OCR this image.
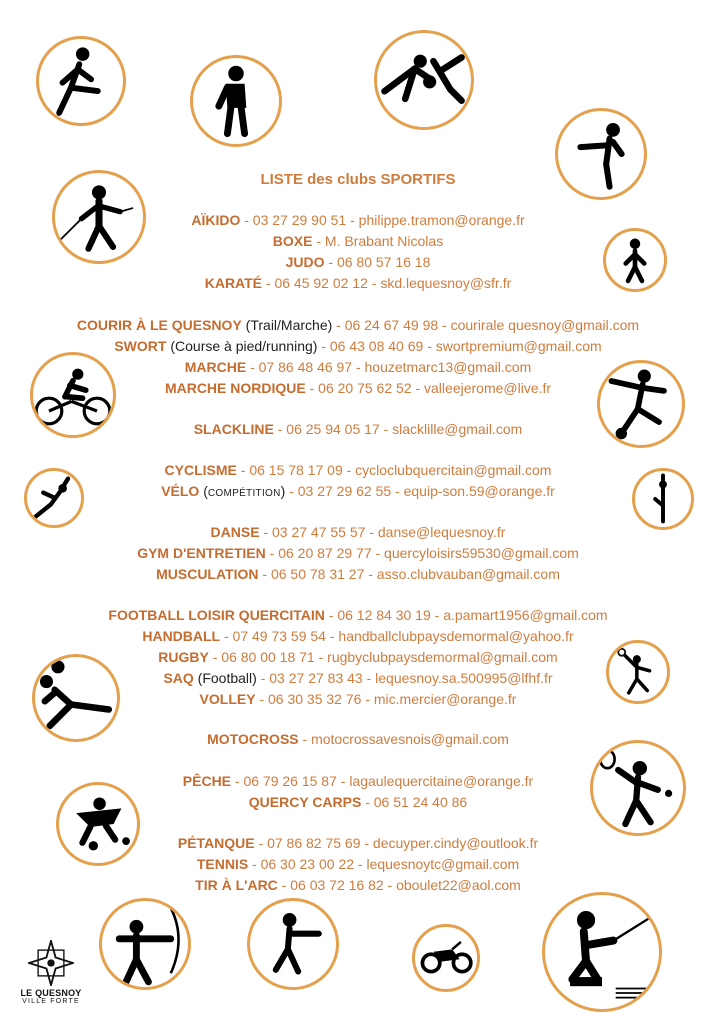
LISTE des clubs SPORTIFS
AÏKIDO - 03 27 29 90 51 - philippe.tramon@orange.fr
BOXE - M. Brabant Nicolas
JUDO - 06 80 57 16 18
KARATÉ - 06 45 92 02 12 - skd.lequesnoy@sfr.fr
COURIR À LE QUESNOY (Trail/Marche) - 06 24 67 49 98 - courirale quesnoy@gmail.com
SWORT (Course à pied/running) - 06 43 08 40 69 - swortpremium@gmail.com
MARCHE - 07 86 48 46 97 - houzetmarc13@gmail.com
MARCHE NORDIQUE - 06 20 75 62 52 - valleejerome@live.fr
SLACKLINE - 06 25 94 05 17 - slacklille@gmail.com
CYCLISME - 06 15 78 17 09 - cycloclubquercitain@gmail.com
VÉLO (COMPÉTITION) - 03 27 29 62 55 - equip-son.59@orange.fr
DANSE - 03 27 47 55 57 - danse@lequesnoy.fr
GYM D'ENTRETIEN - 06 20 87 29 77 - quercyloisirs59530@gmail.com
MUSCULATION - 06 50 78 31 27 - asso.clubvauban@gmail.com
FOOTBALL LOISIR QUERCITAIN - 06 12 84 30 19 - a.pamart1956@gmail.com
HANDBALL - 07 49 73 59 54 - handballclubpaysdemormal@yahoo.fr
RUGBY - 06 80 00 18 71 - rugbyclubpaysdemormal@gmail.com
SAQ (Football) - 03 27 27 83 43 - lequesnoy.sa.500995@lfhf.fr
VOLLEY - 06 30 35 32 76 - mic.mercier@orange.fr
MOTOCROSS - motocrossavesnois@gmail.com
PÊCHE - 06 79 26 15 87 - lagaulequercitaine@orange.fr
QUERCY CARPS - 06 51 24 40 86
PÉTANQUE - 07 86 82 75 69 - decuyper.cindy@outlook.fr
TENNIS - 06 30 23 00 22 - lequesnoytc@gmail.com
TIR À L'ARC - 06 03 72 16 82 - oboulet22@aol.com
LE QUESNOY
VILLE FORTE
